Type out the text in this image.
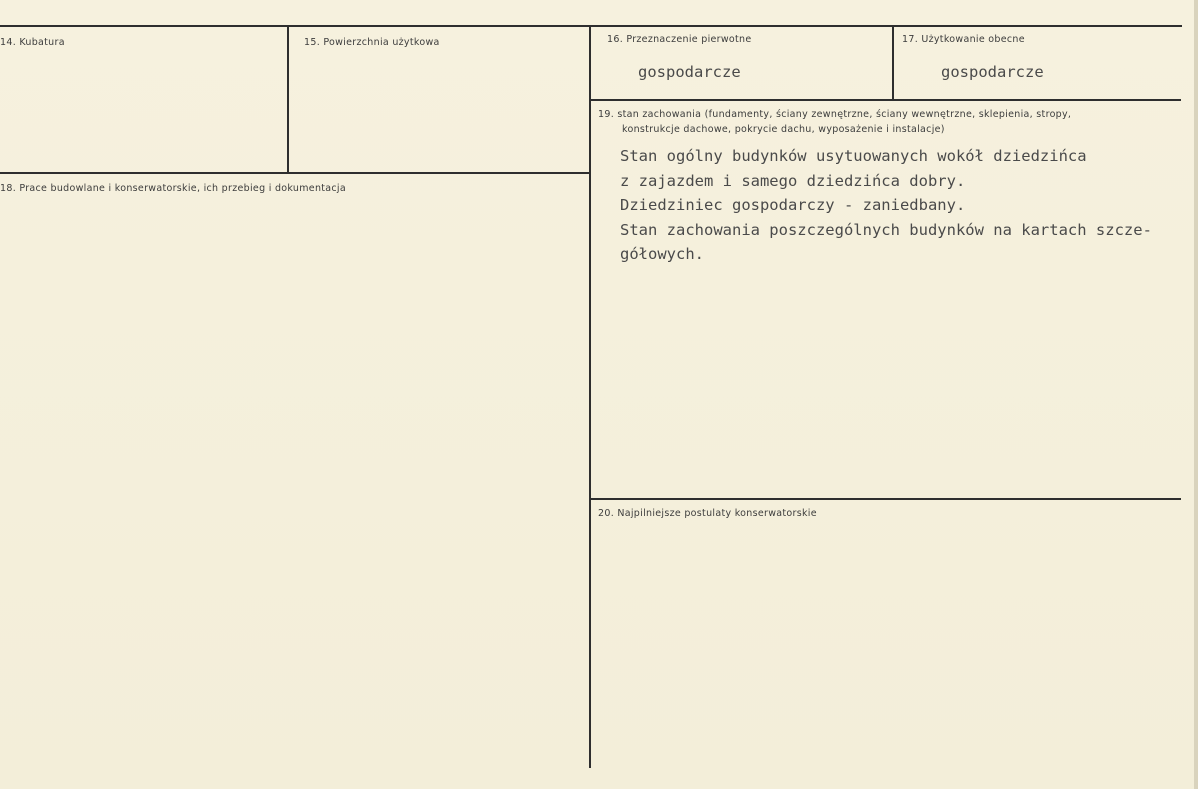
14. Kubatura	15. Powierzchnia użytkowa	16. Przeznaczenie pierwotne
gospodarcze
17. Użytkowanie obecne
gospodarcze
18. Prace budowlane i konserwatorskie, ich przebieg i dokumentacja
19. stan zachowania (fundamenty, ściany zewnętrzne, ściany wewnętrzne, sklepienia, stropy,
konstrukcje dachowe, pokrycie dachu, wyposażenie i instalacje)
Stan ogólny budynków usytuowanych wokół dziedzińca
z zajazdem i samego dziedzińca dobry.
Dziedziniec gospodarczy - zaniedbany.
Stan zachowania poszczególnych budynków na kartach szcze-
gółowych.
20. Najpilniejsze postulaty konserwatorskie
